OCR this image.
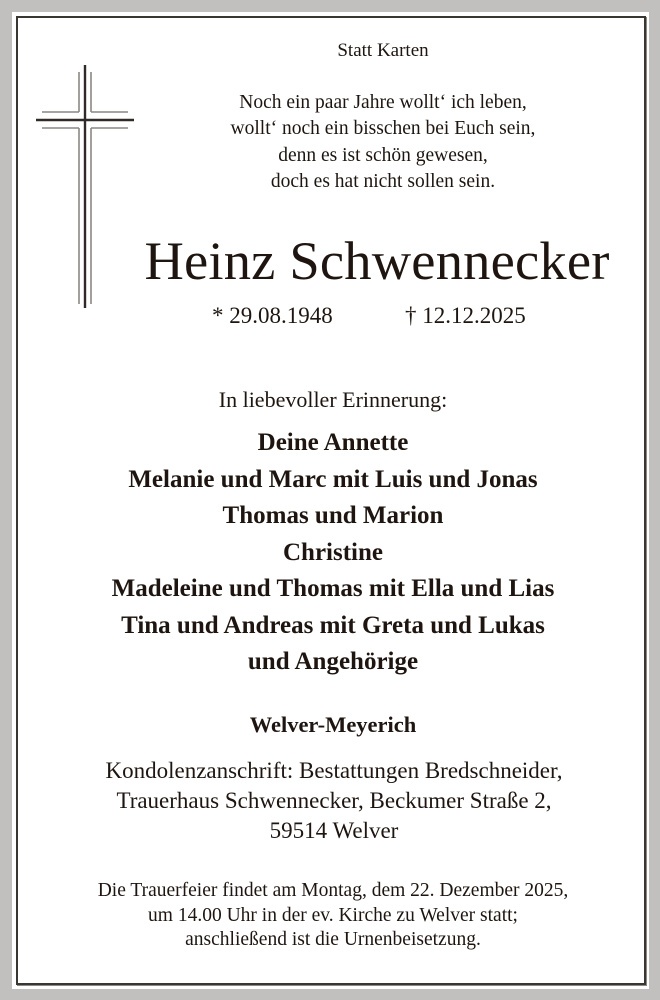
Statt Karten
Noch ein paar Jahre wollt‘ ich leben,
wollt‘ noch ein bisschen bei Euch sein,
denn es ist schön gewesen,
doch es hat nicht sollen sein.
Heinz Schwennecker
* 29.08.1948	† 12.12.2025
In liebevoller Erinnerung:
Deine Annette
Melanie und Marc mit Luis und Jonas
Thomas und Marion
Christine
Madeleine und Thomas mit Ella und Lias
Tina und Andreas mit Greta und Lukas
und Angehörige
Welver-Meyerich
Kondolenzanschrift: Bestattungen Bredschneider,
Trauerhaus Schwennecker, Beckumer Straße 2,
59514 Welver
Die Trauerfeier findet am Montag, dem 22. Dezember 2025,
um 14.00 Uhr in der ev. Kirche zu Welver statt;
anschließend ist die Urnenbeisetzung.
